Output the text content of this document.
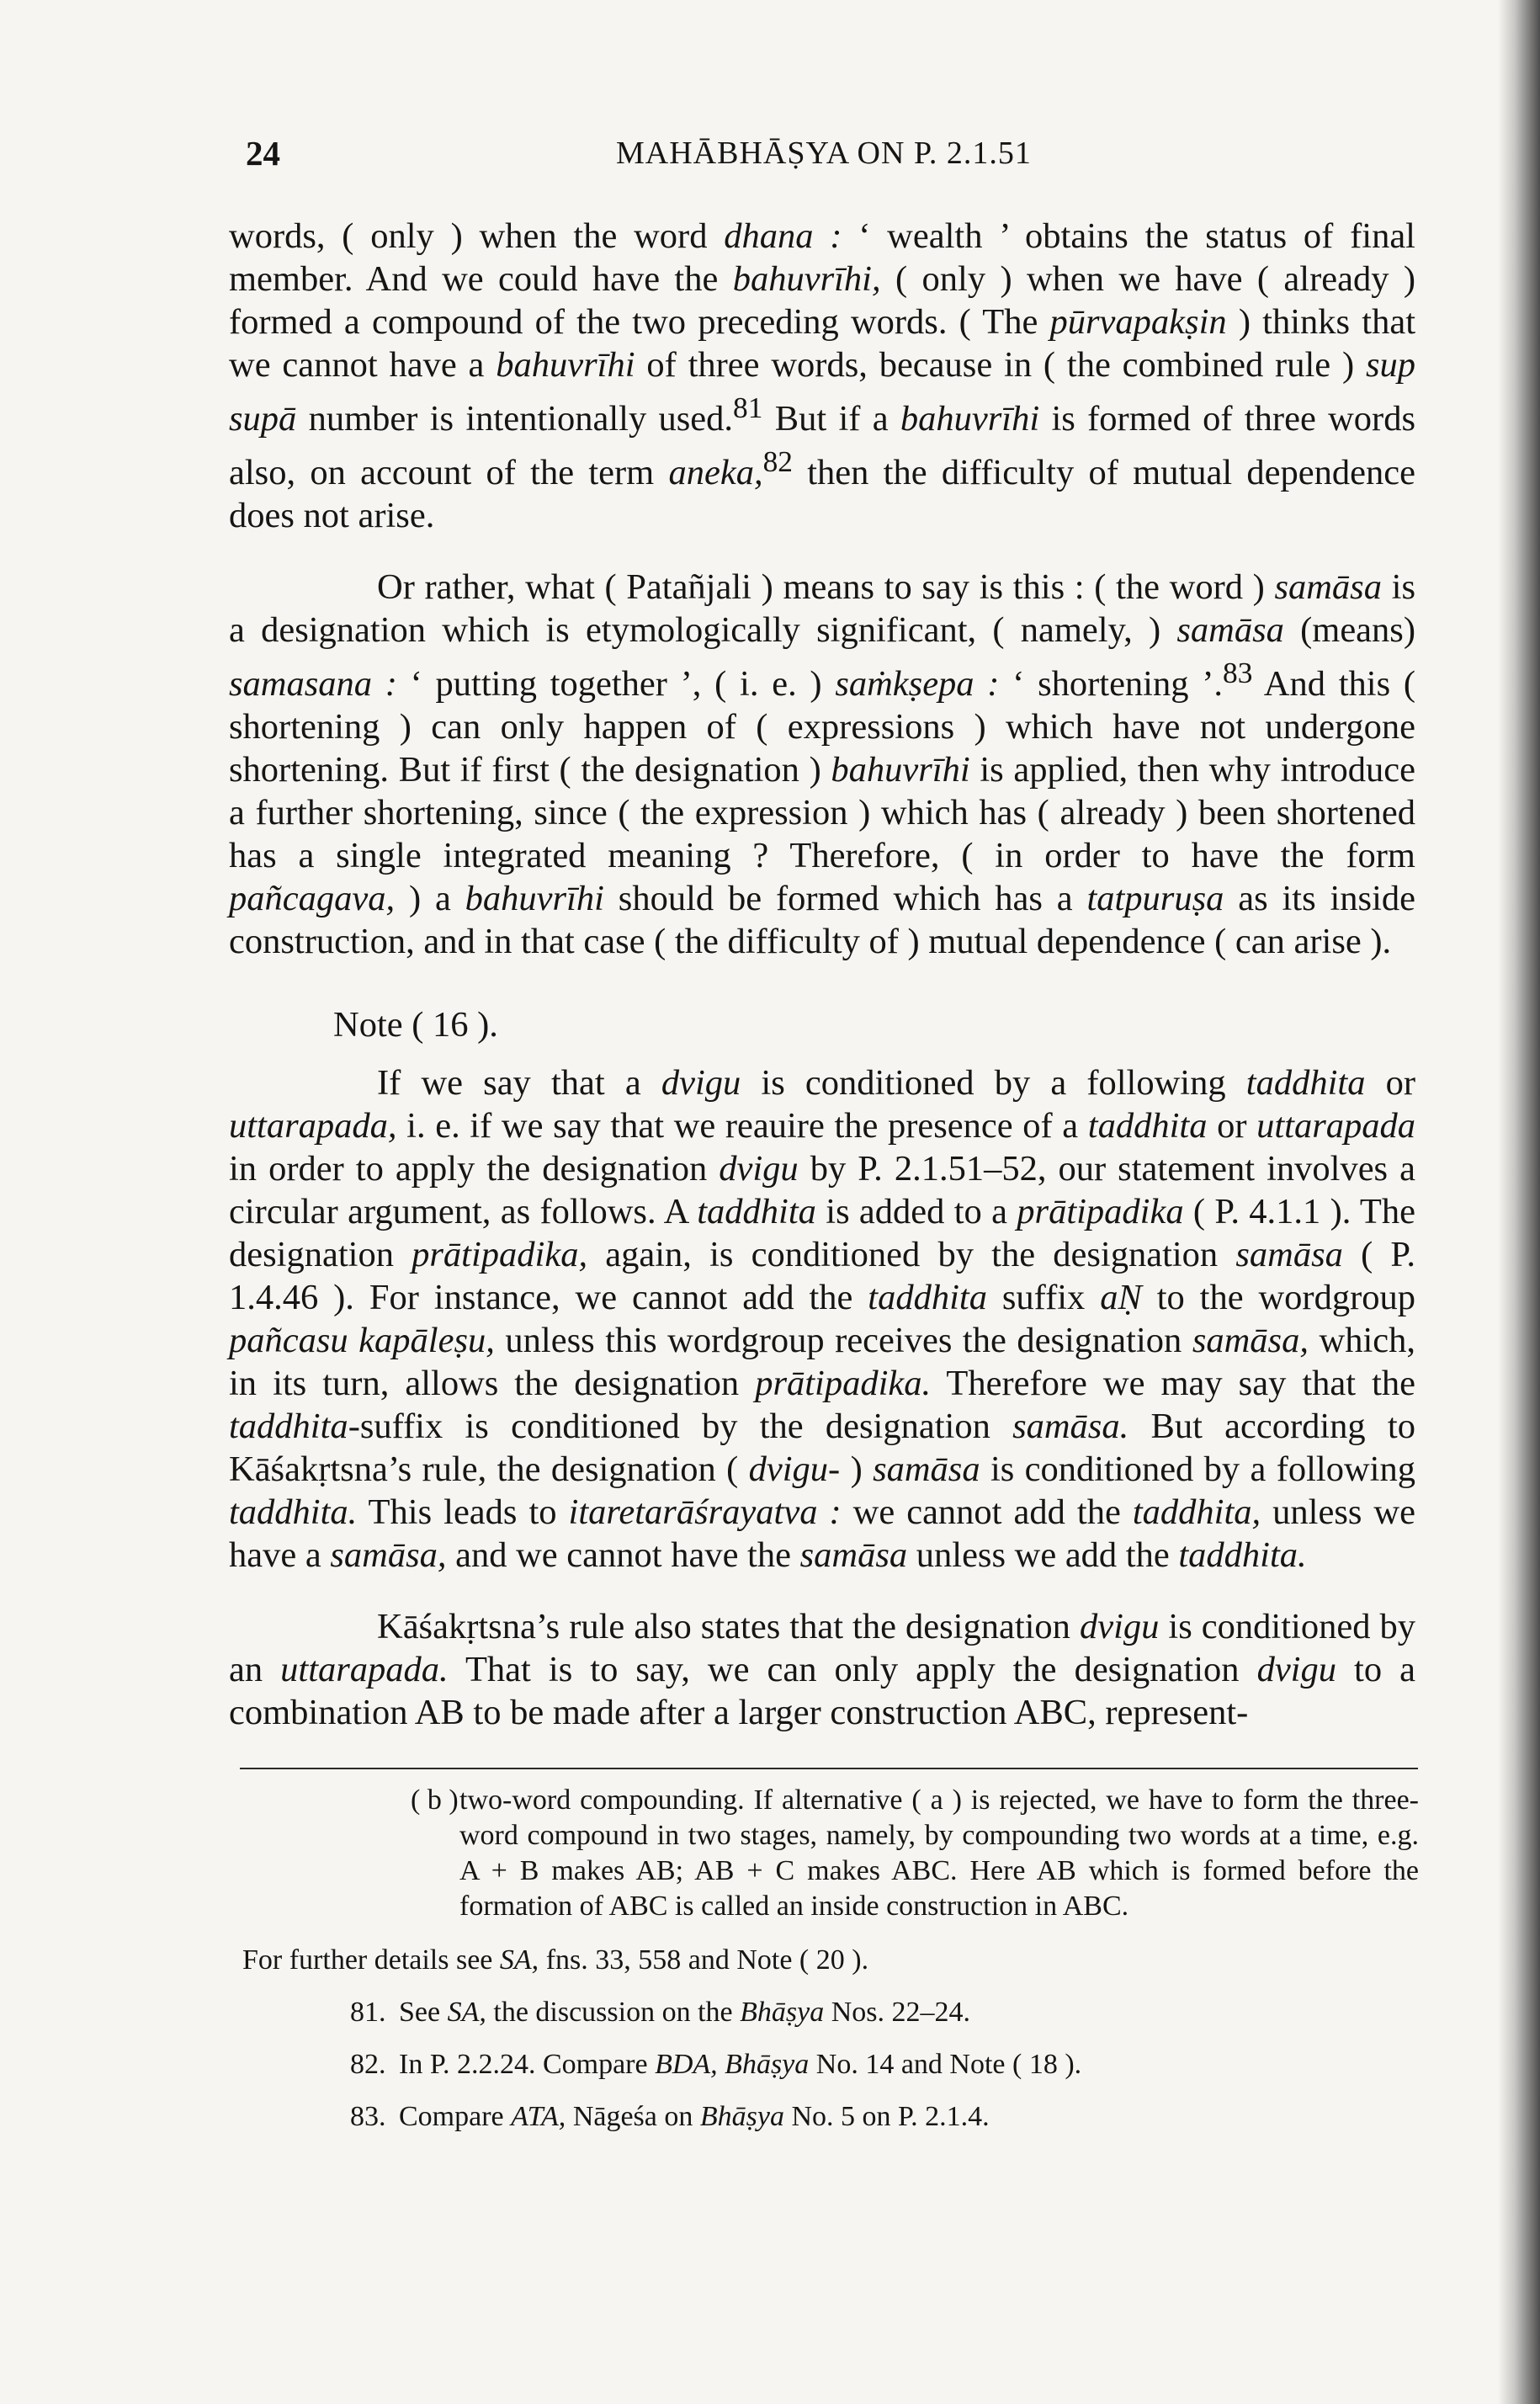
24	MAHĀBHĀṢYA ON P. 2.1.51

words, ( only ) when the word dhana : ‘ wealth ’ obtains the status of final member. And we could have the bahuvrīhi, ( only ) when we have ( already ) formed a compound of the two preceding words. ( The pūrvapakṣin ) thinks that we cannot have a bahuvrīhi of three words, because in ( the combined rule ) sup supā number is intentionally used.$^{81}$ But if a bahuvrīhi is formed of three words also, on account of the term aneka,$^{82}$ then the difficulty of mutual dependence does not arise.

Or rather, what ( Patañjali ) means to say is this : ( the word ) samāsa is a designation which is etymologically significant, ( namely, ) samāsa (means) samasana : ‘ putting together ’, ( i. e. ) saṁkṣepa : ‘ shortening ’.$^{83}$ And this ( shortening ) can only happen of ( expressions ) which have not undergone shortening. But if first ( the designation ) bahuvrīhi is applied, then why introduce a further shortening, since ( the expression ) which has ( already ) been shortened has a single integrated meaning ? Therefore, ( in order to have the form pañcagava, ) a bahuvrīhi should be formed which has a tatpuruṣa as its inside construction, and in that case ( the difficulty of ) mutual dependence ( can arise ).

Note ( 16 ).

If we say that a dvigu is conditioned by a following taddhita or uttarapada, i. e. if we say that we reauire the presence of a taddhita or uttarapada in order to apply the designation dvigu by P. 2.1.51–52, our statement involves a circular argument, as follows. A taddhita is added to a prātipadika ( P. 4.1.1 ). The designation prātipadika, again, is conditioned by the designation samāsa ( P. 1.4.46 ). For instance, we cannot add the taddhita suffix aṆ to the wordgroup pañcasu kapāleṣu, unless this wordgroup receives the designation samāsa, which, in its turn, allows the designation prātipadika. Therefore we may say that the taddhita-suffix is conditioned by the designation samāsa. But according to Kāśakṛtsna’s rule, the designation ( dvigu- ) samāsa is conditioned by a following taddhita. This leads to itaretarāśrayatva : we cannot add the taddhita, unless we have a samāsa, and we cannot have the samāsa unless we add the taddhita.

Kāśakṛtsna’s rule also states that the designation dvigu is conditioned by an uttarapada. That is to say, we can only apply the designation dvigu to a combination AB to be made after a larger construction ABC, represent-

( b )two-word compounding. If alternative ( a ) is rejected, we have to form the three-word compound in two stages, namely, by compounding two words at a time, e.g. A + B makes AB; AB + C makes ABC. Here AB which is formed before the formation of ABC is called an inside construction in ABC.

For further details see SA, fns. 33, 558 and Note ( 20 ).

81. See SA, the discussion on the Bhāṣya Nos. 22–24.

82. In P. 2.2.24. Compare BDA, Bhāṣya No. 14 and Note ( 18 ).

83. Compare ATA, Nāgeśa on Bhāṣya No. 5 on P. 2.1.4.
